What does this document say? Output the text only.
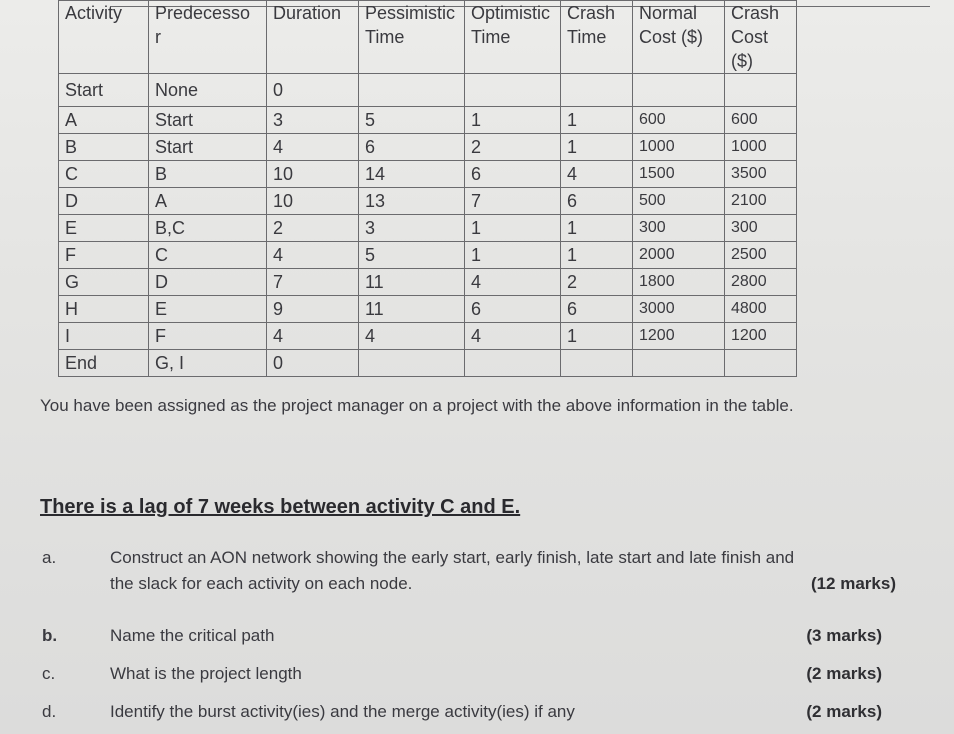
Activity	Predecesso r	Duration	Pessimistic Time	Optimistic Time	Crash Time	Normal Cost ($)	Crash Cost ($)
Start	None	0					
A	Start	3	5	1	1	600	600
B	Start	4	6	2	1	1000	1000
C	B	10	14	6	4	1500	3500
D	A	10	13	7	6	500	2100
E	B,C	2	3	1	1	300	300
F	C	4	5	1	1	2000	2500
G	D	7	11	4	2	1800	2800
H	E	9	11	6	6	3000	4800
I	F	4	4	4	1	1200	1200
End	G, I	0					
You have been assigned as the project manager on a project with the above information in the table.
There is a lag of 7 weeks between activity C and E.
a.	Construct an AON network showing the early start, early finish, late start and late finish and
the slack for each activity on each node.	(12 marks)
b.	Name the critical path	(3 marks)
c.	What is the project length	(2 marks)
d.	Identify the burst activity(ies) and the merge activity(ies) if any	(2 marks)
